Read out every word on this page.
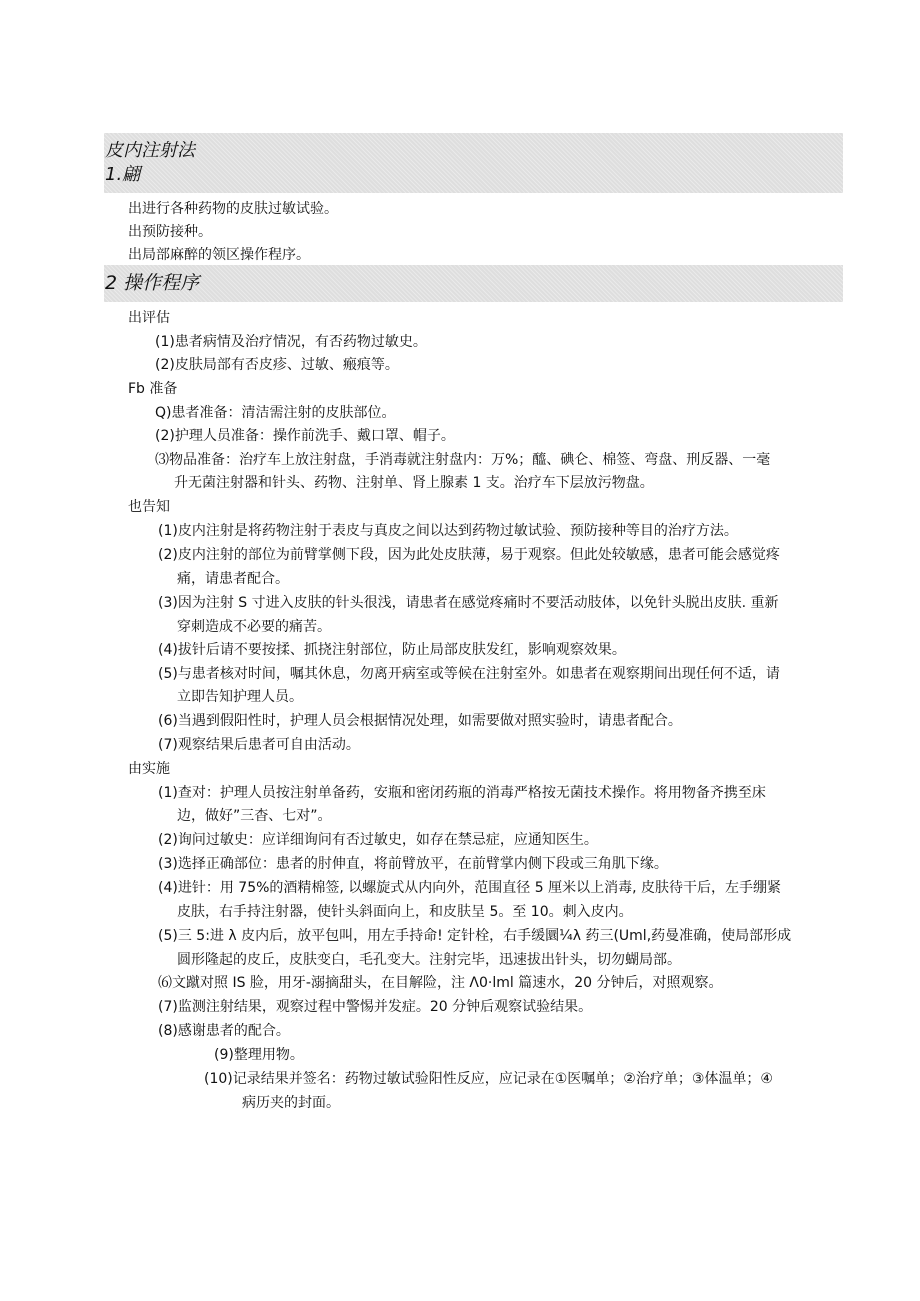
皮内注射法
1.翩
出进行各种药物的皮肤过敏试验。
出预防接种。
出局部麻醉的领区操作程序。
2 操作程序
出评估
(1)患者病情及治疗情况，有否药物过敏史。
(2)皮肤局部有否皮疹、过敏、瘢痕等。
Fb 准备
Q)患者准备：清洁需注射的皮肤部位。
(2)护理人员准备：操作前洗手、戴口罩、帽子。
⑶物品准备：治疗车上放注射盘，手消毒就注射盘内：万%；醯、碘仑、棉签、弯盘、刑反器、一毫
升无菌注射器和针头、药物、注射单、肾上腺素 1 支。治疗车下层放污物盘。
也告知
(1)皮内注射是将药物注射于表皮与真皮之间以达到药物过敏试验、预防接种等目的治疗方法。
(2)皮内注射的部位为前臂掌侧下段，因为此处皮肤薄，易于观察。但此处较敏感，患者可能会感觉疼
痛，请患者配合。
(3)因为注射 S 寸进入皮肤的针头很浅，请患者在感觉疼痛时不要活动肢体，以免针头脱出皮肤. 重新
穿刺造成不必要的痛苦。
(4)拔针后请不要按揉、抓挠注射部位，防止局部皮肤发红，影响观察效果。
(5)与患者核对时间，嘱其休息，勿离开病室或等候在注射室外。如患者在观察期间出现任何不适，请
立即告知护理人员。
(6)当遇到假阳性时，护理人员会根据情况处理，如需要做对照实验时，请患者配合。
(7)观察结果后患者可自由活动。
由实施
(1)查对：护理人员按注射单备药，安瓶和密闭药瓶的消毒严格按无菌技术操作。将用物备齐携至床
边，做好”三杳、七对”。
(2)询问过敏史：应详细询问有否过敏史，如存在禁忌症，应通知医生。
(3)选择正确部位：患者的肘伸直，将前臂放平，在前臂掌内侧下段或三角肌下缘。
(4)进针：用 75%的酒精棉签, 以螺旋式从内向外，范围直径 5 厘米以上消毒, 皮肤待干后，左手绷紧
皮肤，右手持注射器，使针头斜面向上，和皮肤呈 5。至 10。刺入皮内。
(5)三 5:进 λ 皮内后，放平包叫，用左手持命! 定针栓，右手缓圜¼λ 药三(Uml,药曼准确，使局部形成
圆形隆起的皮丘，皮肤变白，毛孔变大。注射完毕，迅速拔出针头，切勿蝴局部。
⑹文蹴对照 IS 脸，用牙-溺摘甜头，在目解险，注 Λ0·lml 篇速水，20 分钟后，对照观察。
(7)监测注射结果，观察过程中警惕并发症。20 分钟后观察试验结果。
(8)感谢患者的配合。
(9)整理用物。
(10)记录结果并签名：药物过敏试验阳性反应，应记录在①医嘱单；②治疗单；③体温单；④
病历夹的封面。
